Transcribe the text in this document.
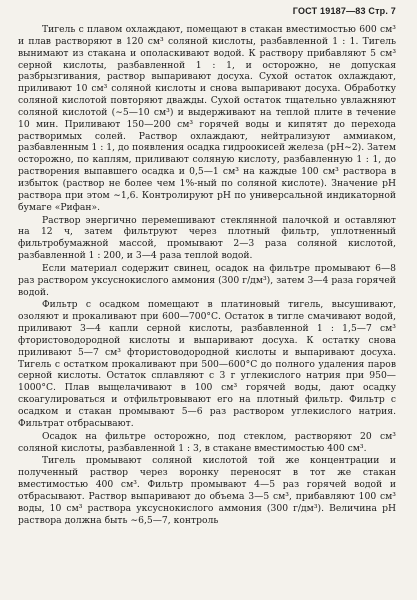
ГОСТ 19187—83 Стр. 7

Тигель с плавом охлаждают, помещают в стакан вместимостью 600 см³ и плав растворяют в 120 см³ соляной кислоты, разбавленной 1 : 1. Тигель вынимают из стакана и ополаскивают водой. К раствору прибавляют 5 см³ серной кислоты, разбавленной 1 : 1, и осторожно, не допуская разбрызгивания, раствор выпаривают досуха. Сухой остаток охлаждают, приливают 10 см³ соляной кислоты и снова выпаривают досуха. Обработку соляной кислотой повторяют дважды. Сухой остаток тщательно увлажняют соляной кислотой (∼5—10 см³) и выдерживают на теплой плите в течение 10 мин. Приливают 150—200 см³ горячей воды и кипятят до перехода растворимых солей. Раствор охлаждают, нейтрализуют аммиаком, разбавленным 1 : 1, до появления осадка гидроокисей железа (рН∼2). Затем осторожно, по каплям, приливают соляную кислоту, разбавленную 1 : 1, до растворения выпавшего осадка и 0,5—1 см³ на каждые 100 см³ раствора в избыток (раствор не более чем 1%-ный по соляной кислоте). Значение рН раствора при этом ∼1,6. Контролируют рН по универсальной индикаторной бумаге «Рифан».

Раствор энергично перемешивают стеклянной палочкой и оставляют на 12 ч, затем фильтруют через плотный фильтр, уплотненный фильтробумажной массой, промывают 2—3 раза соляной кислотой, разбавленной 1 : 200, и 3—4 раза теплой водой.

Если материал содержит свинец, осадок на фильтре промывают 6—8 раз раствором уксуснокислого аммония (300 г/дм³), затем 3—4 раза горячей водой.

Фильтр с осадком помещают в платиновый тигель, высушивают, озоляют и прокаливают при 600—700°С. Остаток в тигле смачивают водой, приливают 3—4 капли серной кислоты, разбавленной 1 : 1,5—7 см³ фтористоводородной кислоты и выпаривают досуха. К остатку снова приливают 5—7 см³ фтористоводородной кислоты и выпаривают досуха. Тигель с остатком прокаливают при 500—600°С до полного удаления паров серной кислоты. Остаток сплавляют с 3 г углекислого натрия при 950—1000°С. Плав выщелачивают в 100 см³ горячей воды, дают осадку скоагулироваться и отфильтровывают его на плотный фильтр. Фильтр с осадком и стакан промывают 5—6 раз раствором углекислого натрия. Фильтрат отбрасывают.

Осадок на фильтре осторожно, под стеклом, растворяют 20 см³ соляной кислоты, разбавленной 1 : 3, в стакане вместимостью 400 см³.

Тигель промывают соляной кислотой той же концентрации и полученный раствор через воронку переносят в тот же стакан вместимостью 400 см³. Фильтр промывают 4—5 раз горячей водой и отбрасывают. Раствор выпаривают до объема 3—5 см³, прибавляют 100 см³ воды, 10 см³ раствора уксуснокислого аммония (300 г/дм³). Величина рН раствора должна быть ∼6,5—7, контроль
